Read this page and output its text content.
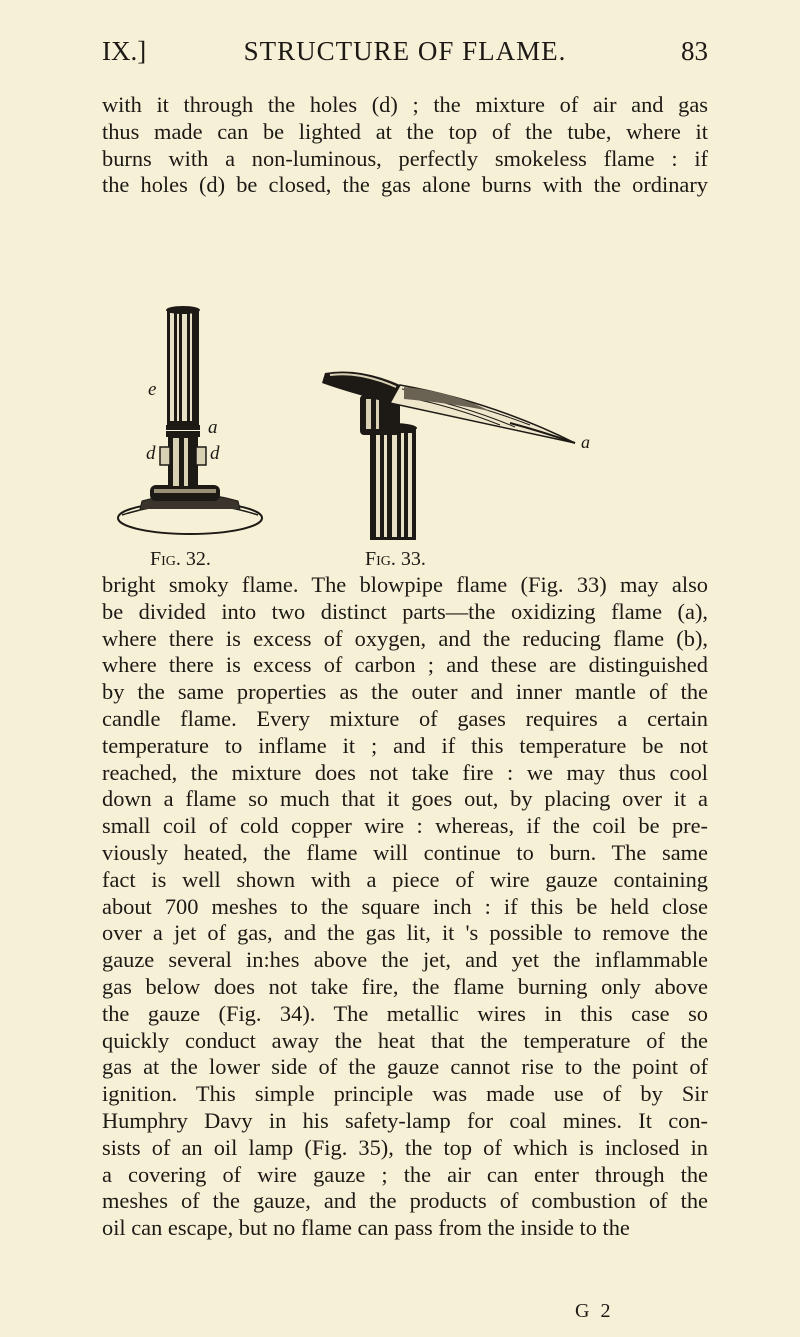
IX.]	STRUCTURE OF FLAME.	83
with it through the holes (d) ; the mixture of air and gas
thus made can be lighted at the top of the tube, where it
burns with a non-luminous, perfectly smokeless flame : if
the holes (d) be closed, the gas alone burns with the ordinary
e
a
d	d
a
Fig. 32.	Fig. 33.
bright smoky flame. The blowpipe flame (Fig. 33) may also
be divided into two distinct parts—the oxidizing flame (a),
where there is excess of oxygen, and the reducing flame (b),
where there is excess of carbon ; and these are distinguished
by the same properties as the outer and inner mantle of the
candle flame. Every mixture of gases requires a certain
temperature to inflame it ; and if this temperature be not
reached, the mixture does not take fire : we may thus cool
down a flame so much that it goes out, by placing over it a
small coil of cold copper wire : whereas, if the coil be pre-
viously heated, the flame will continue to burn. The same
fact is well shown with a piece of wire gauze containing
about 700 meshes to the square inch : if this be held close
over a jet of gas, and the gas lit, it 's possible to remove the
gauze several in:hes above the jet, and yet the inflammable
gas below does not take fire, the flame burning only above
the gauze (Fig. 34). The metallic wires in this case so
quickly conduct away the heat that the temperature of the
gas at the lower side of the gauze cannot rise to the point of
ignition. This simple principle was made use of by Sir
Humphry Davy in his safety-lamp for coal mines. It con-
sists of an oil lamp (Fig. 35), the top of which is inclosed in
a covering of wire gauze ; the air can enter through the
meshes of the gauze, and the products of combustion of the
oil can escape, but no flame can pass from the inside to the
G 2
